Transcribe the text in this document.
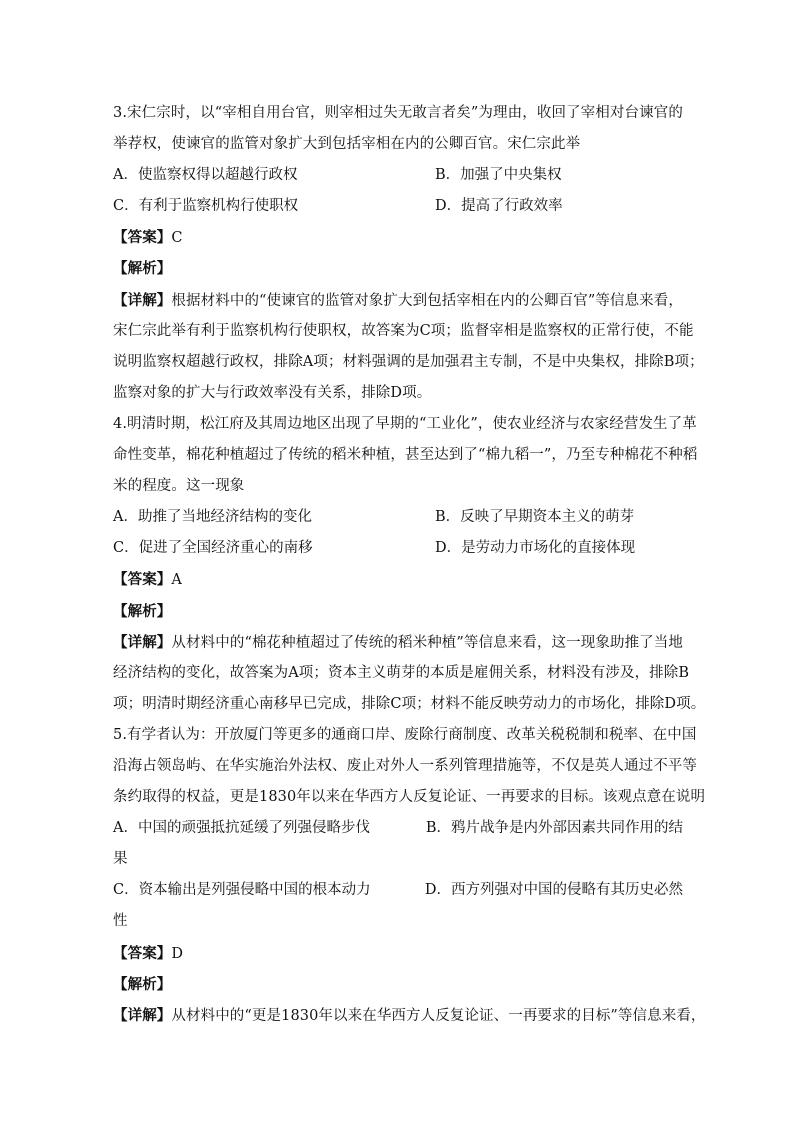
3.宋仁宗时，以“宰相自用台官，则宰相过失无敢言者矣”为理由，收回了宰相对台谏官的
举荐权，使谏官的监管对象扩大到包括宰相在内的公卿百官。宋仁宗此举
A．使监察权得以超越行政权	B．加强了中央集权
C．有利于监察机构行使职权	D．提高了行政效率
【答案】C
【解析】
【详解】根据材料中的“使谏官的监管对象扩大到包括宰相在内的公卿百官”等信息来看，
宋仁宗此举有利于监察机构行使职权，故答案为C项；监督宰相是监察权的正常行使，不能
说明监察权超越行政权，排除A项；材料强调的是加强君主专制，不是中央集权，排除B项；
监察对象的扩大与行政效率没有关系，排除D项。
4.明清时期，松江府及其周边地区出现了早期的“工业化”，使农业经济与农家经营发生了革
命性变革，棉花种植超过了传统的稻米种植，甚至达到了“棉九稻一”，乃至专种棉花不种稻
米的程度。这一现象
A．助推了当地经济结构的变化	B．反映了早期资本主义的萌芽
C．促进了全国经济重心的南移	D．是劳动力市场化的直接体现
【答案】A
【解析】
【详解】从材料中的“棉花种植超过了传统的稻米种植”等信息来看，这一现象助推了当地
经济结构的变化，故答案为A项；资本主义萌芽的本质是雇佣关系，材料没有涉及，排除B
项；明清时期经济重心南移早已完成，排除C项；材料不能反映劳动力的市场化，排除D项。
5.有学者认为：开放厦门等更多的通商口岸、废除行商制度、改革关税税制和税率、在中国
沿海占领岛屿、在华实施治外法权、废止对外人一系列管理措施等，不仅是英人通过不平等
条约取得的权益，更是1830年以来在华西方人反复论证、一再要求的目标。该观点意在说明
A．中国的顽强抵抗延缓了列强侵略步伐	B．鸦片战争是内外部因素共同作用的结
果
C．资本输出是列强侵略中国的根本动力	D．西方列强对中国的侵略有其历史必然
性
【答案】D
【解析】
【详解】从材料中的“更是1830年以来在华西方人反复论证、一再要求的目标”等信息来看，
